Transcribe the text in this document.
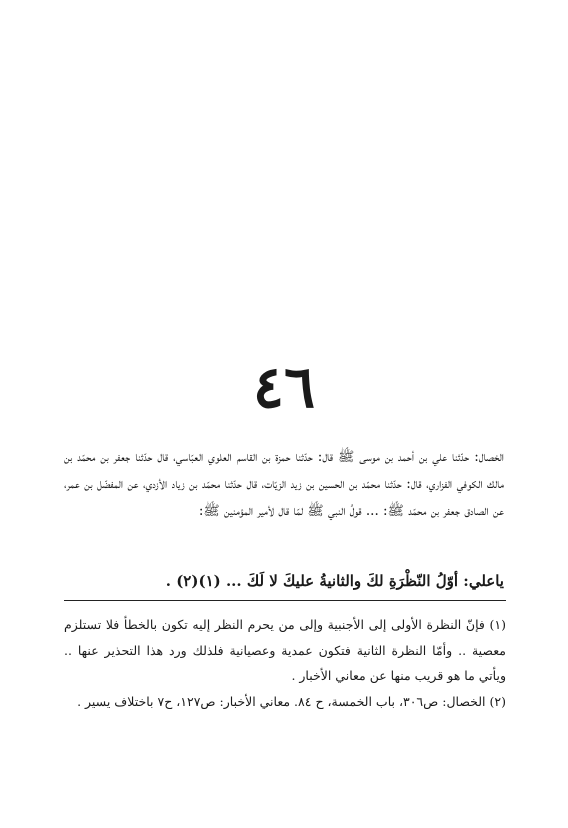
٤٦

الخصال: حدّثنا علي بن أحمد بن موسى ﷺ قال: حدّثنا حمزة بن القاسم العلوي العبّاسي، قال حدّثنا جعفر بن محمّد بن مالك الكوفي الفزاري، قال: حدّثنا محمّد بن الحسين بن زيد الزيّات، قال حدّثنا محمّد بن زياد الأزدي، عن المفضّل بن عمر، عن الصادق جعفر بن محمّد ﷺ: ... قولُ النبي ﷺ لمّا قال لأمير المؤمنين ﷺ:

ياعلي: أوّلُ النّظْرَةِ لكَ والثانيةُ عليكَ لا لَكَ ... (١)(٢) .

(١) فإنّ النظرة الأولى إلى الأجنبية وإلى من يحرم النظر إليه تكون بالخطأ فلا تستلزم معصية .. وأمّا النظرة الثانية فتكون عمدية وعصيانية فلذلك ورد هذا التحذير عنها .. ويأتي ما هو قريب منها عن معاني الأخبار .

(٢) الخصال: ص٣٠٦، باب الخمسة، ح ٨٤. معاني الأخبار: ص١٢٧، ح٧ باختلاف يسير .
